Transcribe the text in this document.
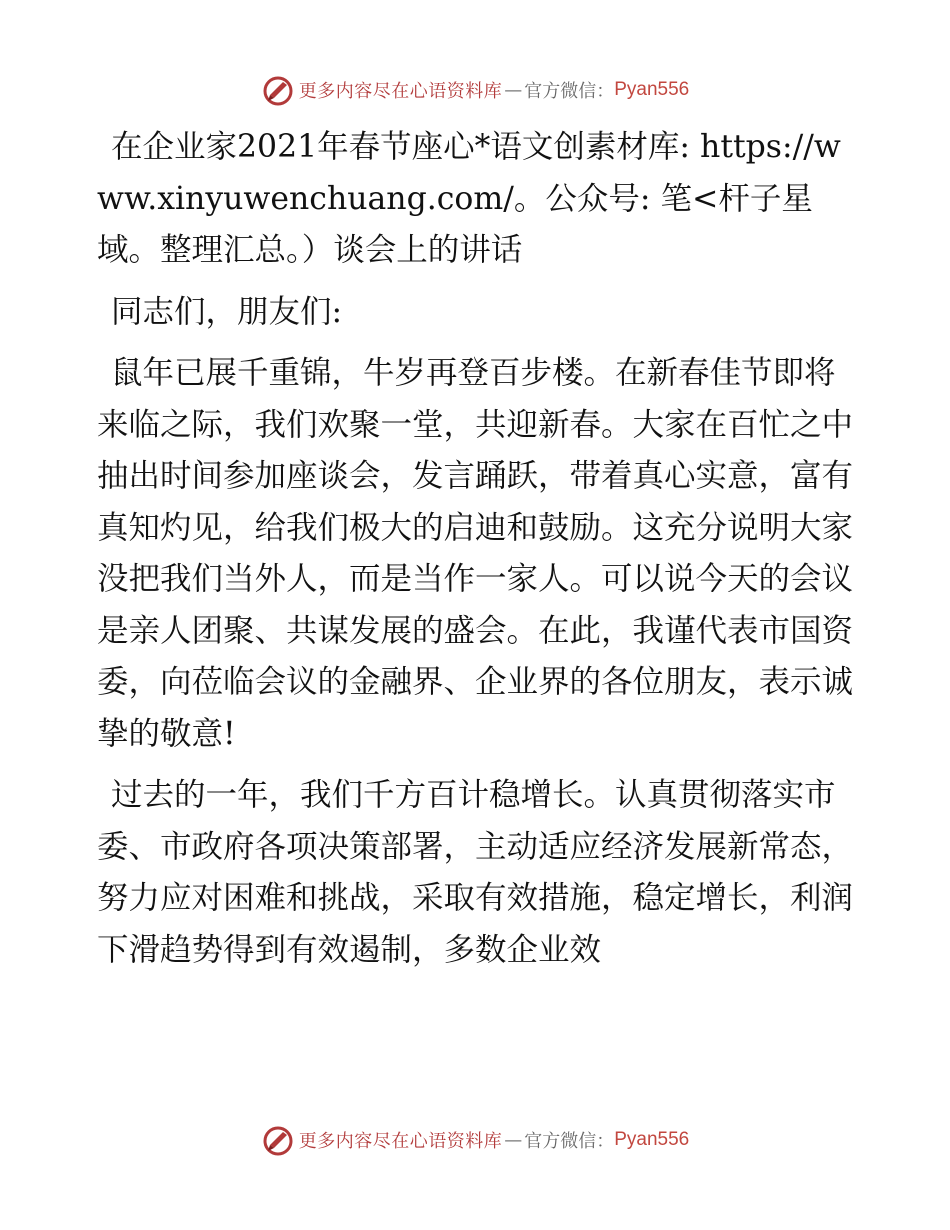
更多内容尽在心语资料库 — 官方微信： Pyan556

在企业家2021年春节座心*语文创素材库: https://www.xinyuwenchuang.com/。公众号: 笔<杆子星域。整理汇总。）谈会上的讲话

同志们，朋友们:

鼠年已展千重锦，牛岁再登百步楼。在新春佳节即将来临之际，我们欢聚一堂，共迎新春。大家在百忙之中抽出时间参加座谈会，发言踊跃，带着真心实意，富有真知灼见，给我们极大的启迪和鼓励。这充分说明大家没把我们当外人，而是当作一家人。可以说今天的会议是亲人团聚、共谋发展的盛会。在此，我谨代表市国资委，向莅临会议的金融界、企业界的各位朋友，表示诚挚的敬意!

过去的一年，我们千方百计稳增长。认真贯彻落实市委、市政府各项决策部署，主动适应经济发展新常态，努力应对困难和挑战，采取有效措施，稳定增长，利润下滑趋势得到有效遏制，多数企业效

更多内容尽在心语资料库 — 官方微信： Pyan556
